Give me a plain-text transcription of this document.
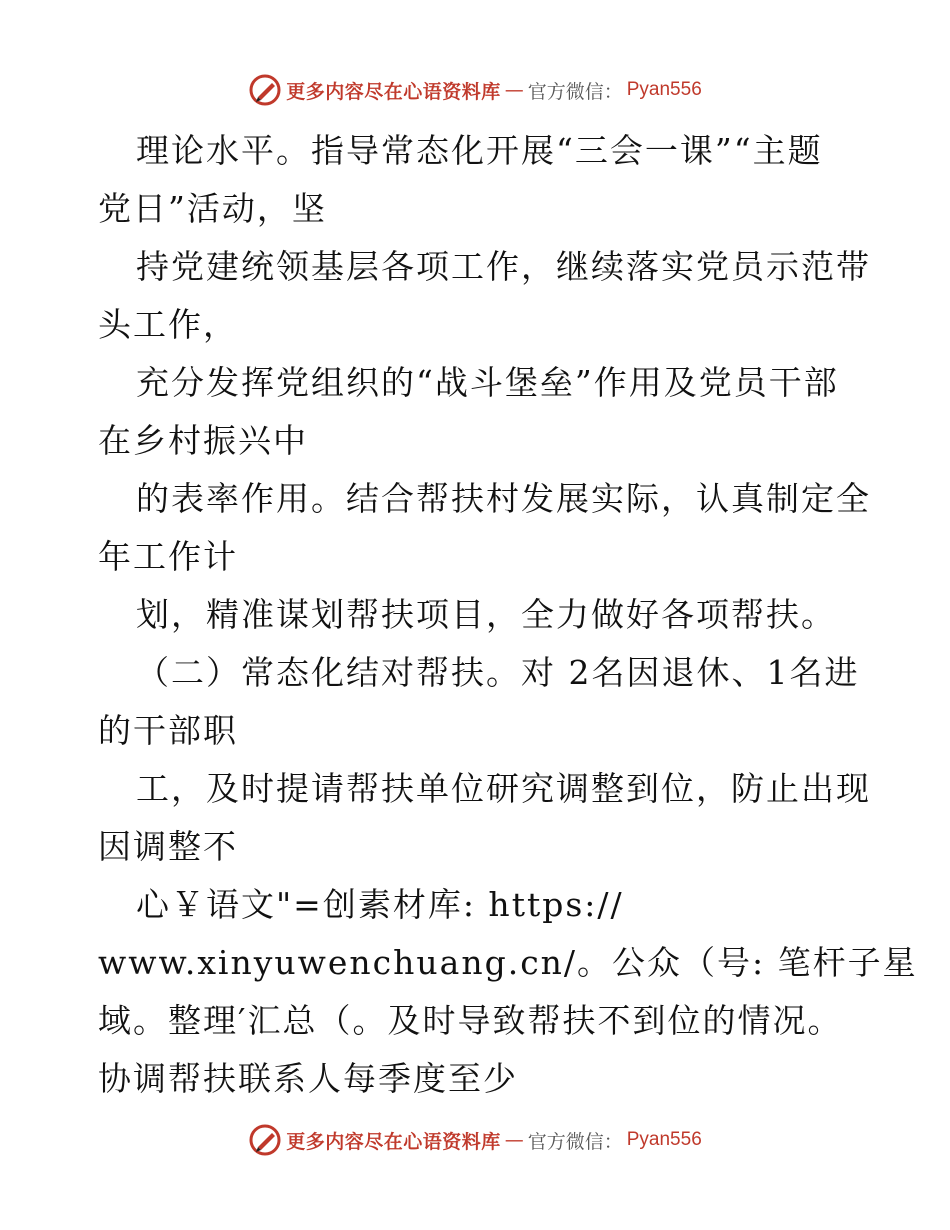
更多内容尽在心语资料库 — 官方微信： Pyan556
理论水平。指导常态化开展“三会一课”“主题
党日”活动，坚
持党建统领基层各项工作，继续落实党员示范带
头工作，
充分发挥党组织的“战斗堡垒”作用及党员干部
在乡村振兴中
的表率作用。结合帮扶村发展实际，认真制定全
年工作计
划，精准谋划帮扶项目，全力做好各项帮扶。
（二）常态化结对帮扶。对 2名因退休、1名进
的干部职
工，及时提请帮扶单位研究调整到位，防止出现
因调整不
心￥语文"=创素材库: https://
www.xinyuwenchuang.cn/。公众（号: 笔杆子星
域。整理′汇总（。及时导致帮扶不到位的情况。
协调帮扶联系人每季度至少
更多内容尽在心语资料库 — 官方微信： Pyan556
